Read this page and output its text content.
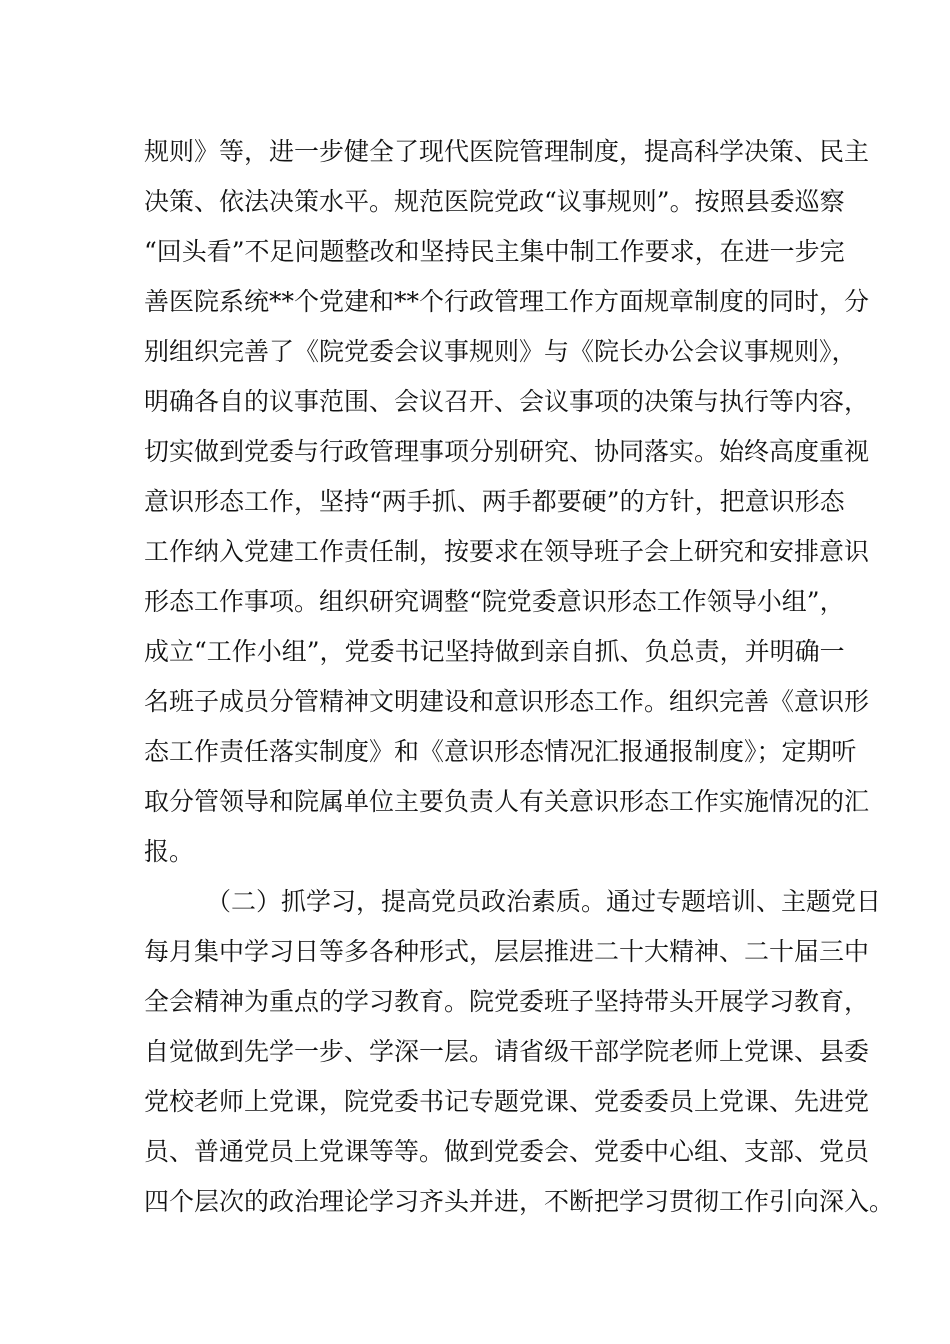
规则》等，进一步健全了现代医院管理制度，提高科学决策、民主
决策、依法决策水平。规范医院党政“议事规则”。按照县委巡察
“回头看”不足问题整改和坚持民主集中制工作要求，在进一步完
善医院系统**个党建和**个行政管理工作方面规章制度的同时，分
别组织完善了《院党委会议事规则》与《院长办公会议事规则》，
明确各自的议事范围、会议召开、会议事项的决策与执行等内容，
切实做到党委与行政管理事项分别研究、协同落实。始终高度重视
意识形态工作，坚持“两手抓、两手都要硬”的方针，把意识形态
工作纳入党建工作责任制，按要求在领导班子会上研究和安排意识
形态工作事项。组织研究调整“院党委意识形态工作领导小组”，
成立“工作小组”，党委书记坚持做到亲自抓、负总责，并明确一
名班子成员分管精神文明建设和意识形态工作。组织完善《意识形
态工作责任落实制度》和《意识形态情况汇报通报制度》；定期听
取分管领导和院属单位主要负责人有关意识形态工作实施情况的汇
报。
（二）抓学习，提高党员政治素质。通过专题培训、主题党日
每月集中学习日等多各种形式，层层推进二十大精神、二十届三中
全会精神为重点的学习教育。院党委班子坚持带头开展学习教育，
自觉做到先学一步、学深一层。请省级干部学院老师上党课、县委
党校老师上党课，院党委书记专题党课、党委委员上党课、先进党
员、普通党员上党课等等。做到党委会、党委中心组、支部、党员
四个层次的政治理论学习齐头并进，不断把学习贯彻工作引向深入。
